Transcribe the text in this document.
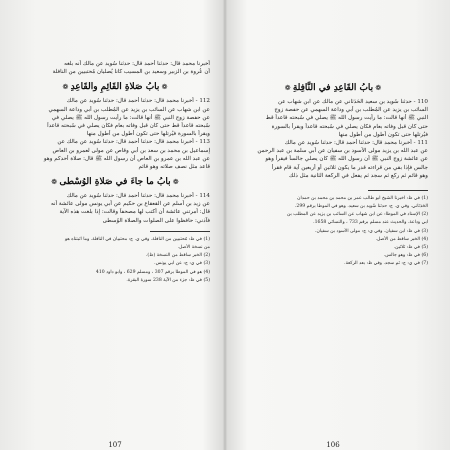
أخبرنا محمد قال: حدثنا أحمد قال: حدثنا سُويد عن مالك أنه بلغه
أن عُروة بن الزبير وسعيد بن المسيب كانا يُصليان مُحتبيين من النافلة
❁ بابُ صَلاةِ القَائِمِ والقَاعِدِ ❁
112 - أخبرنا محمد قال: حدثنا أحمد قال: حدثنا سُويد عن مالك
عن ابن شهاب عن السائب بن يزيد عن المُطلب بن أبي وداعة السهمي
عن حفصة زوج النبي ﷺ أنها قالت: ما رأيت رسول الله ﷺ يصلي في
سُبحته قاعداً قط حتى كان قبل وفاته بعام فكان يصلي في سُبحته قاعداً
ويقرأ بالسورة فيُرتلها حتى تكون أطول من أطول منها
113 - أخبرنا محمد قال: حدثنا أحمد قال: حدثنا سُويد عن مالك عن
إسماعيل بن محمد بن سعد بن أبي وقاص عن مولى لعمرو بن العاص
عن عبد الله بن عمرو بن العاص أن رسول الله ﷺ قال: صلاة أحدكم وهو
قاعد مثل نصف صلاته وهو قائم
❁ بابُ ما جاءَ في صَلاةِ الوُسْطى ❁
114 - أخبرنا محمد قال: حدثنا أحمد قال: حدثنا سُويد عن مالك
عن زيد بن أسلم عن القعقاع بن حكيم عن أبي يونس مولى عائشة أنه
قال: أمرتني عائشة أن أكتب لها مصحفاً وقالت: إذا بلغت هذه الآية
فآذني: حافظوا على الصلوات والصلاة الوُسطى
(1) في ظ: مُحتبيين من النافلة. وفي ي. ج: محتبيان في النافلة. وما أثبتناه هو
من نسخة الأصل.
(2) الخبر ساقط من النسخة (ظ).
(3) في ي: ج: عن أبي يونس.
(4) هو في الموطأ برقم 307 ، ومسلم 629 ، وأبو داود 410
(5) في ظ: جزء من الآية 238 سورة البقرة.
107
❁ بابُ القَاعِدِ في النَّافِلةِ ❁
110 - حدثنا سُويد بن سعيد الحَدَثاني عن مالك عن ابن شهاب عن
السائب بن يزيد عن المُطلب بن أبي وداعة السهمي عن حفصة زوج
النبي ﷺ أنها قالت: ما رأيت رسول الله ﷺ يصلي في سُبحته قاعداً قط
حتى كان قبل وفاته بعام فكان يصلي في سُبحته قاعداً ويقرأ بالسورة
فيُرتلها حتى تكون أطول من أطول منها
111 - أخبرنا محمد قال: حدثنا أحمد قال: حدثنا سُويد عن مالك
عن عبد الله بن يزيد مولى الأسود بن سفيان عن أبي سلمة بن عبد الرحمن
عن عائشة زوج النبي ﷺ أن رسول الله ﷺ كان يصلي جالساً فيقرأ وهو
جالس فإذا بقي من قراءته قدر ما يكون ثلاثين أو أربعين آية قام فقرأ
وهو قائم ثم ركع ثم سجد ثم يفعل في الركعة الثانية مثل ذلك
(1) في ظ: أخبرنا الشيخ أبو طالب عمر بن محمد بن محمد بن حمدان
الحَدَثاني. وفي ي. ج: حدثنا سُويد بن سعيد. وهو في الموطأ برقم 299.
(2) الإسناد في الموطأ: عن ابن شهاب عن السائب بن يزيد عن المطلب بن
أبي وداعة. والحديث عند مسلم برقم 733 ، والنسائي 1658.
(3) في ظ: ابن سفيان. وفي ي: ج: مولى الأسود بن سفيان.
(4) الخبر ساقط من الأصل.
(5) في ظ: ثلاثين.
(6) في ظ: وهو جالس.
(7) في ي: ج: ثم سجد. وفي ظ: بعد الركعة.
106
